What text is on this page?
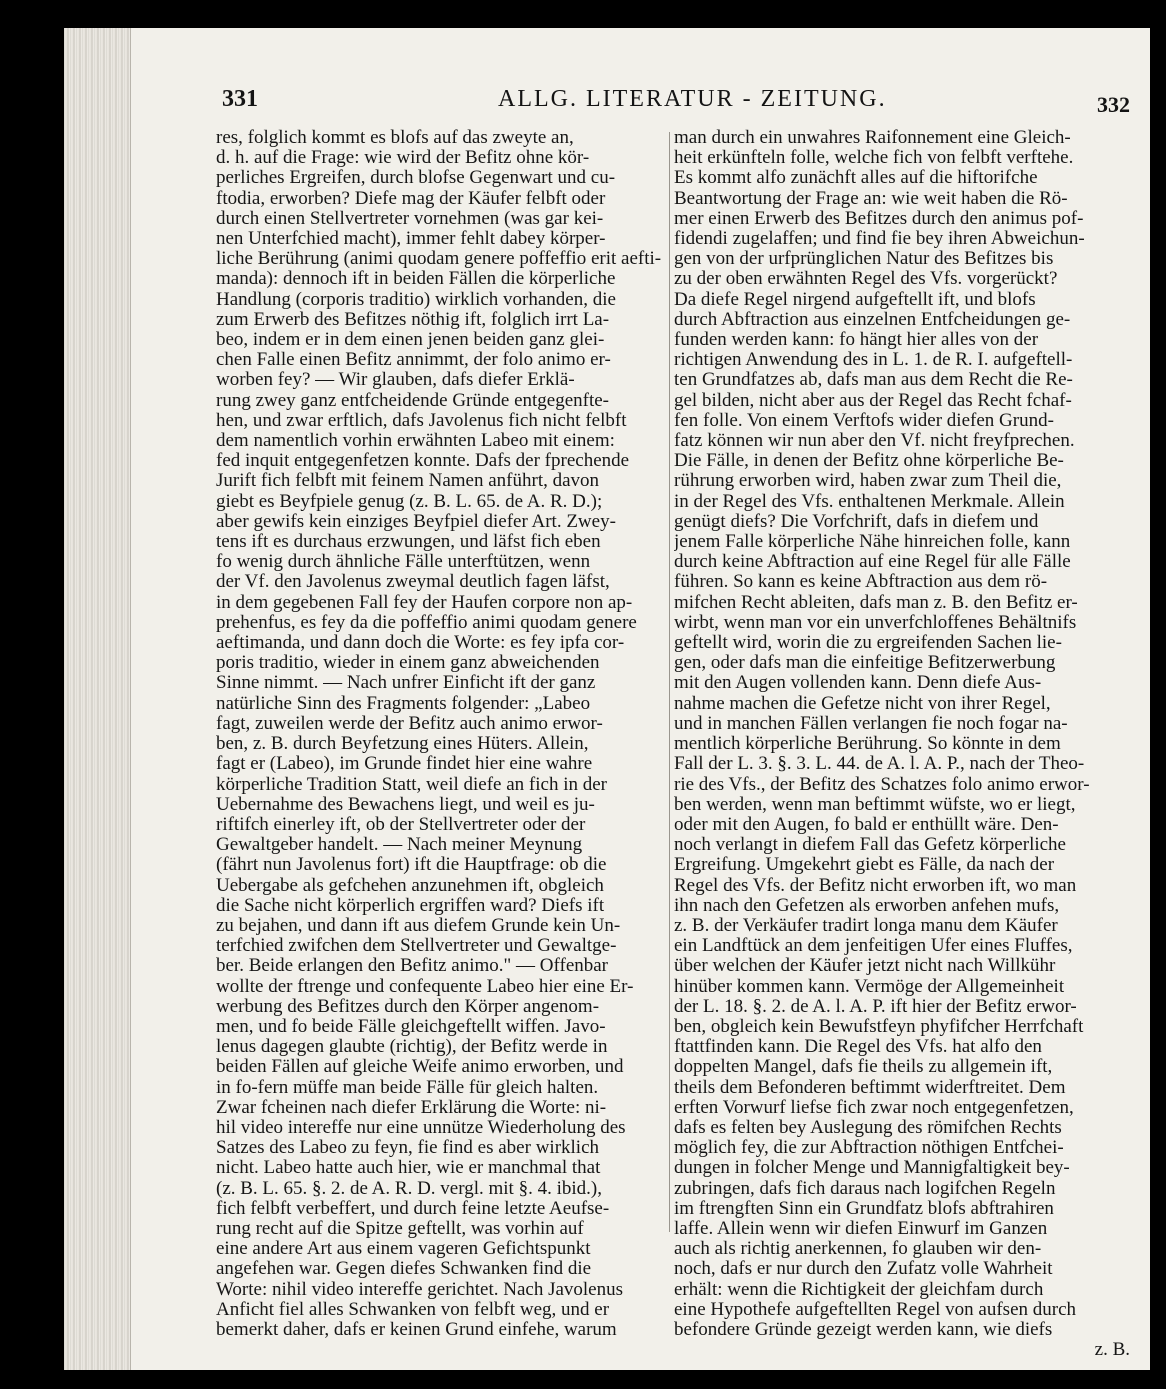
331	ALLG. LITERATUR - ZEITUNG.	332
res, folglich kommt es blofs auf das zweyte an,
d. h. auf die Frage: wie wird der Befitz ohne kör-
perliches Ergreifen, durch blofse Gegenwart und cu-
ftodia, erworben? Diefe mag der Käufer felbft oder
durch einen Stellvertreter vornehmen (was gar kei-
nen Unterfchied macht), immer fehlt dabey körper-
liche Berührung (animi quodam genere poffeffio erit aefti-
manda): dennoch ift in beiden Fällen die körperliche
Handlung (corporis traditio) wirklich vorhanden, die
zum Erwerb des Befitzes nöthig ift, folglich irrt La-
beo, indem er in dem einen jenen beiden ganz glei-
chen Falle einen Befitz annimmt, der folo animo er-
worben fey? — Wir glauben, dafs diefer Erklä-
rung zwey ganz entfcheidende Gründe entgegenfte-
hen, und zwar erftlich, dafs Javolenus fich nicht felbft
dem namentlich vorhin erwähnten Labeo mit einem:
fed inquit entgegenfetzen konnte. Dafs der fprechende
Jurift fich felbft mit feinem Namen anführt, davon
giebt es Beyfpiele genug (z. B. L. 65. de A. R. D.);
aber gewifs kein einziges Beyfpiel diefer Art. Zwey-
tens ift es durchaus erzwungen, und läfst fich eben
fo wenig durch ähnliche Fälle unterftützen, wenn
der Vf. den Javolenus zweymal deutlich fagen läfst,
in dem gegebenen Fall fey der Haufen corpore non ap-
prehenfus, es fey da die poffeffio animi quodam genere
aeftimanda, und dann doch die Worte: es fey ipfa cor-
poris traditio, wieder in einem ganz abweichenden
Sinne nimmt. — Nach unfrer Einficht ift der ganz
natürliche Sinn des Fragments folgender: „Labeo
fagt, zuweilen werde der Befitz auch animo erwor-
ben, z. B. durch Beyfetzung eines Hüters. Allein,
fagt er (Labeo), im Grunde findet hier eine wahre
körperliche Tradition Statt, weil diefe an fich in der
Uebernahme des Bewachens liegt, und weil es ju-
riftifch einerley ift, ob der Stellvertreter oder der
Gewaltgeber handelt. — Nach meiner Meynung
(fährt nun Javolenus fort) ift die Hauptfrage: ob die
Uebergabe als gefchehen anzunehmen ift, obgleich
die Sache nicht körperlich ergriffen ward? Diefs ift
zu bejahen, und dann ift aus diefem Grunde kein Un-
terfchied zwifchen dem Stellvertreter und Gewaltge-
ber. Beide erlangen den Befitz animo." — Offenbar
wollte der ftrenge und confequente Labeo hier eine Er-
werbung des Befitzes durch den Körper angenom-
men, und fo beide Fälle gleichgeftellt wiffen. Javo-
lenus dagegen glaubte (richtig), der Befitz werde in
beiden Fällen auf gleiche Weife animo erworben, und
in fo-fern müffe man beide Fälle für gleich halten.
Zwar fcheinen nach diefer Erklärung die Worte: ni-
hil video intereffe nur eine unnütze Wiederholung des
Satzes des Labeo zu feyn, fie find es aber wirklich
nicht. Labeo hatte auch hier, wie er manchmal that
(z. B. L. 65. §. 2. de A. R. D. vergl. mit §. 4. ibid.),
fich felbft verbeffert, und durch feine letzte Aeufse-
rung recht auf die Spitze geftellt, was vorhin auf
eine andere Art aus einem vageren Gefichtspunkt
angefehen war. Gegen diefes Schwanken find die
Worte: nihil video intereffe gerichtet. Nach Javolenus
Anficht fiel alles Schwanken von felbft weg, und er
bemerkt daher, dafs er keinen Grund einfehe, warum
man durch ein unwahres Raifonnement eine Gleich-
heit erkünfteln folle, welche fich von felbft verftehe.
Es kommt alfo zunächft alles auf die hiftorifche
Beantwortung der Frage an: wie weit haben die Rö-
mer einen Erwerb des Befitzes durch den animus pof-
fidendi zugelaffen; und find fie bey ihren Abweichun-
gen von der urfprünglichen Natur des Befitzes bis
zu der oben erwähnten Regel des Vfs. vorgerückt?
Da diefe Regel nirgend aufgeftellt ift, und blofs
durch Abftraction aus einzelnen Entfcheidungen ge-
funden werden kann: fo hängt hier alles von der
richtigen Anwendung des in L. 1. de R. I. aufgeftell-
ten Grundfatzes ab, dafs man aus dem Recht die Re-
gel bilden, nicht aber aus der Regel das Recht fchaf-
fen folle. Von einem Verftofs wider diefen Grund-
fatz können wir nun aber den Vf. nicht freyfprechen.
Die Fälle, in denen der Befitz ohne körperliche Be-
rührung erworben wird, haben zwar zum Theil die,
in der Regel des Vfs. enthaltenen Merkmale. Allein
genügt diefs? Die Vorfchrift, dafs in diefem und
jenem Falle körperliche Nähe hinreichen folle, kann
durch keine Abftraction auf eine Regel für alle Fälle
führen. So kann es keine Abftraction aus dem rö-
mifchen Recht ableiten, dafs man z. B. den Befitz er-
wirbt, wenn man vor ein unverfchloffenes Behältnifs
geftellt wird, worin die zu ergreifenden Sachen lie-
gen, oder dafs man die einfeitige Befitzerwerbung
mit den Augen vollenden kann. Denn diefe Aus-
nahme machen die Gefetze nicht von ihrer Regel,
und in manchen Fällen verlangen fie noch fogar na-
mentlich körperliche Berührung. So könnte in dem
Fall der L. 3. §. 3. L. 44. de A. l. A. P., nach der Theo-
rie des Vfs., der Befitz des Schatzes folo animo erwor-
ben werden, wenn man beftimmt wüfste, wo er liegt,
oder mit den Augen, fo bald er enthüllt wäre. Den-
noch verlangt in diefem Fall das Gefetz körperliche
Ergreifung. Umgekehrt giebt es Fälle, da nach der
Regel des Vfs. der Befitz nicht erworben ift, wo man
ihn nach den Gefetzen als erworben anfehen mufs,
z. B. der Verkäufer tradirt longa manu dem Käufer
ein Landftück an dem jenfeitigen Ufer eines Fluffes,
über welchen der Käufer jetzt nicht nach Willkühr
hinüber kommen kann. Vermöge der Allgemeinheit
der L. 18. §. 2. de A. l. A. P. ift hier der Befitz erwor-
ben, obgleich kein Bewufstfeyn phyfifcher Herrfchaft
ftattfinden kann. Die Regel des Vfs. hat alfo den
doppelten Mangel, dafs fie theils zu allgemein ift,
theils dem Befonderen beftimmt widerftreitet. Dem
erften Vorwurf liefse fich zwar noch entgegenfetzen,
dafs es felten bey Auslegung des römifchen Rechts
möglich fey, die zur Abftraction nöthigen Entfchei-
dungen in folcher Menge und Mannigfaltigkeit bey-
zubringen, dafs fich daraus nach logifchen Regeln
im ftrengften Sinn ein Grundfatz blofs abftrahiren
laffe. Allein wenn wir diefen Einwurf im Ganzen
auch als richtig anerkennen, fo glauben wir den-
noch, dafs er nur durch den Zufatz volle Wahrheit
erhält: wenn die Richtigkeit der gleichfam durch
eine Hypothefe aufgeftellten Regel von aufsen durch
befondere Gründe gezeigt werden kann, wie diefs
z. B.
